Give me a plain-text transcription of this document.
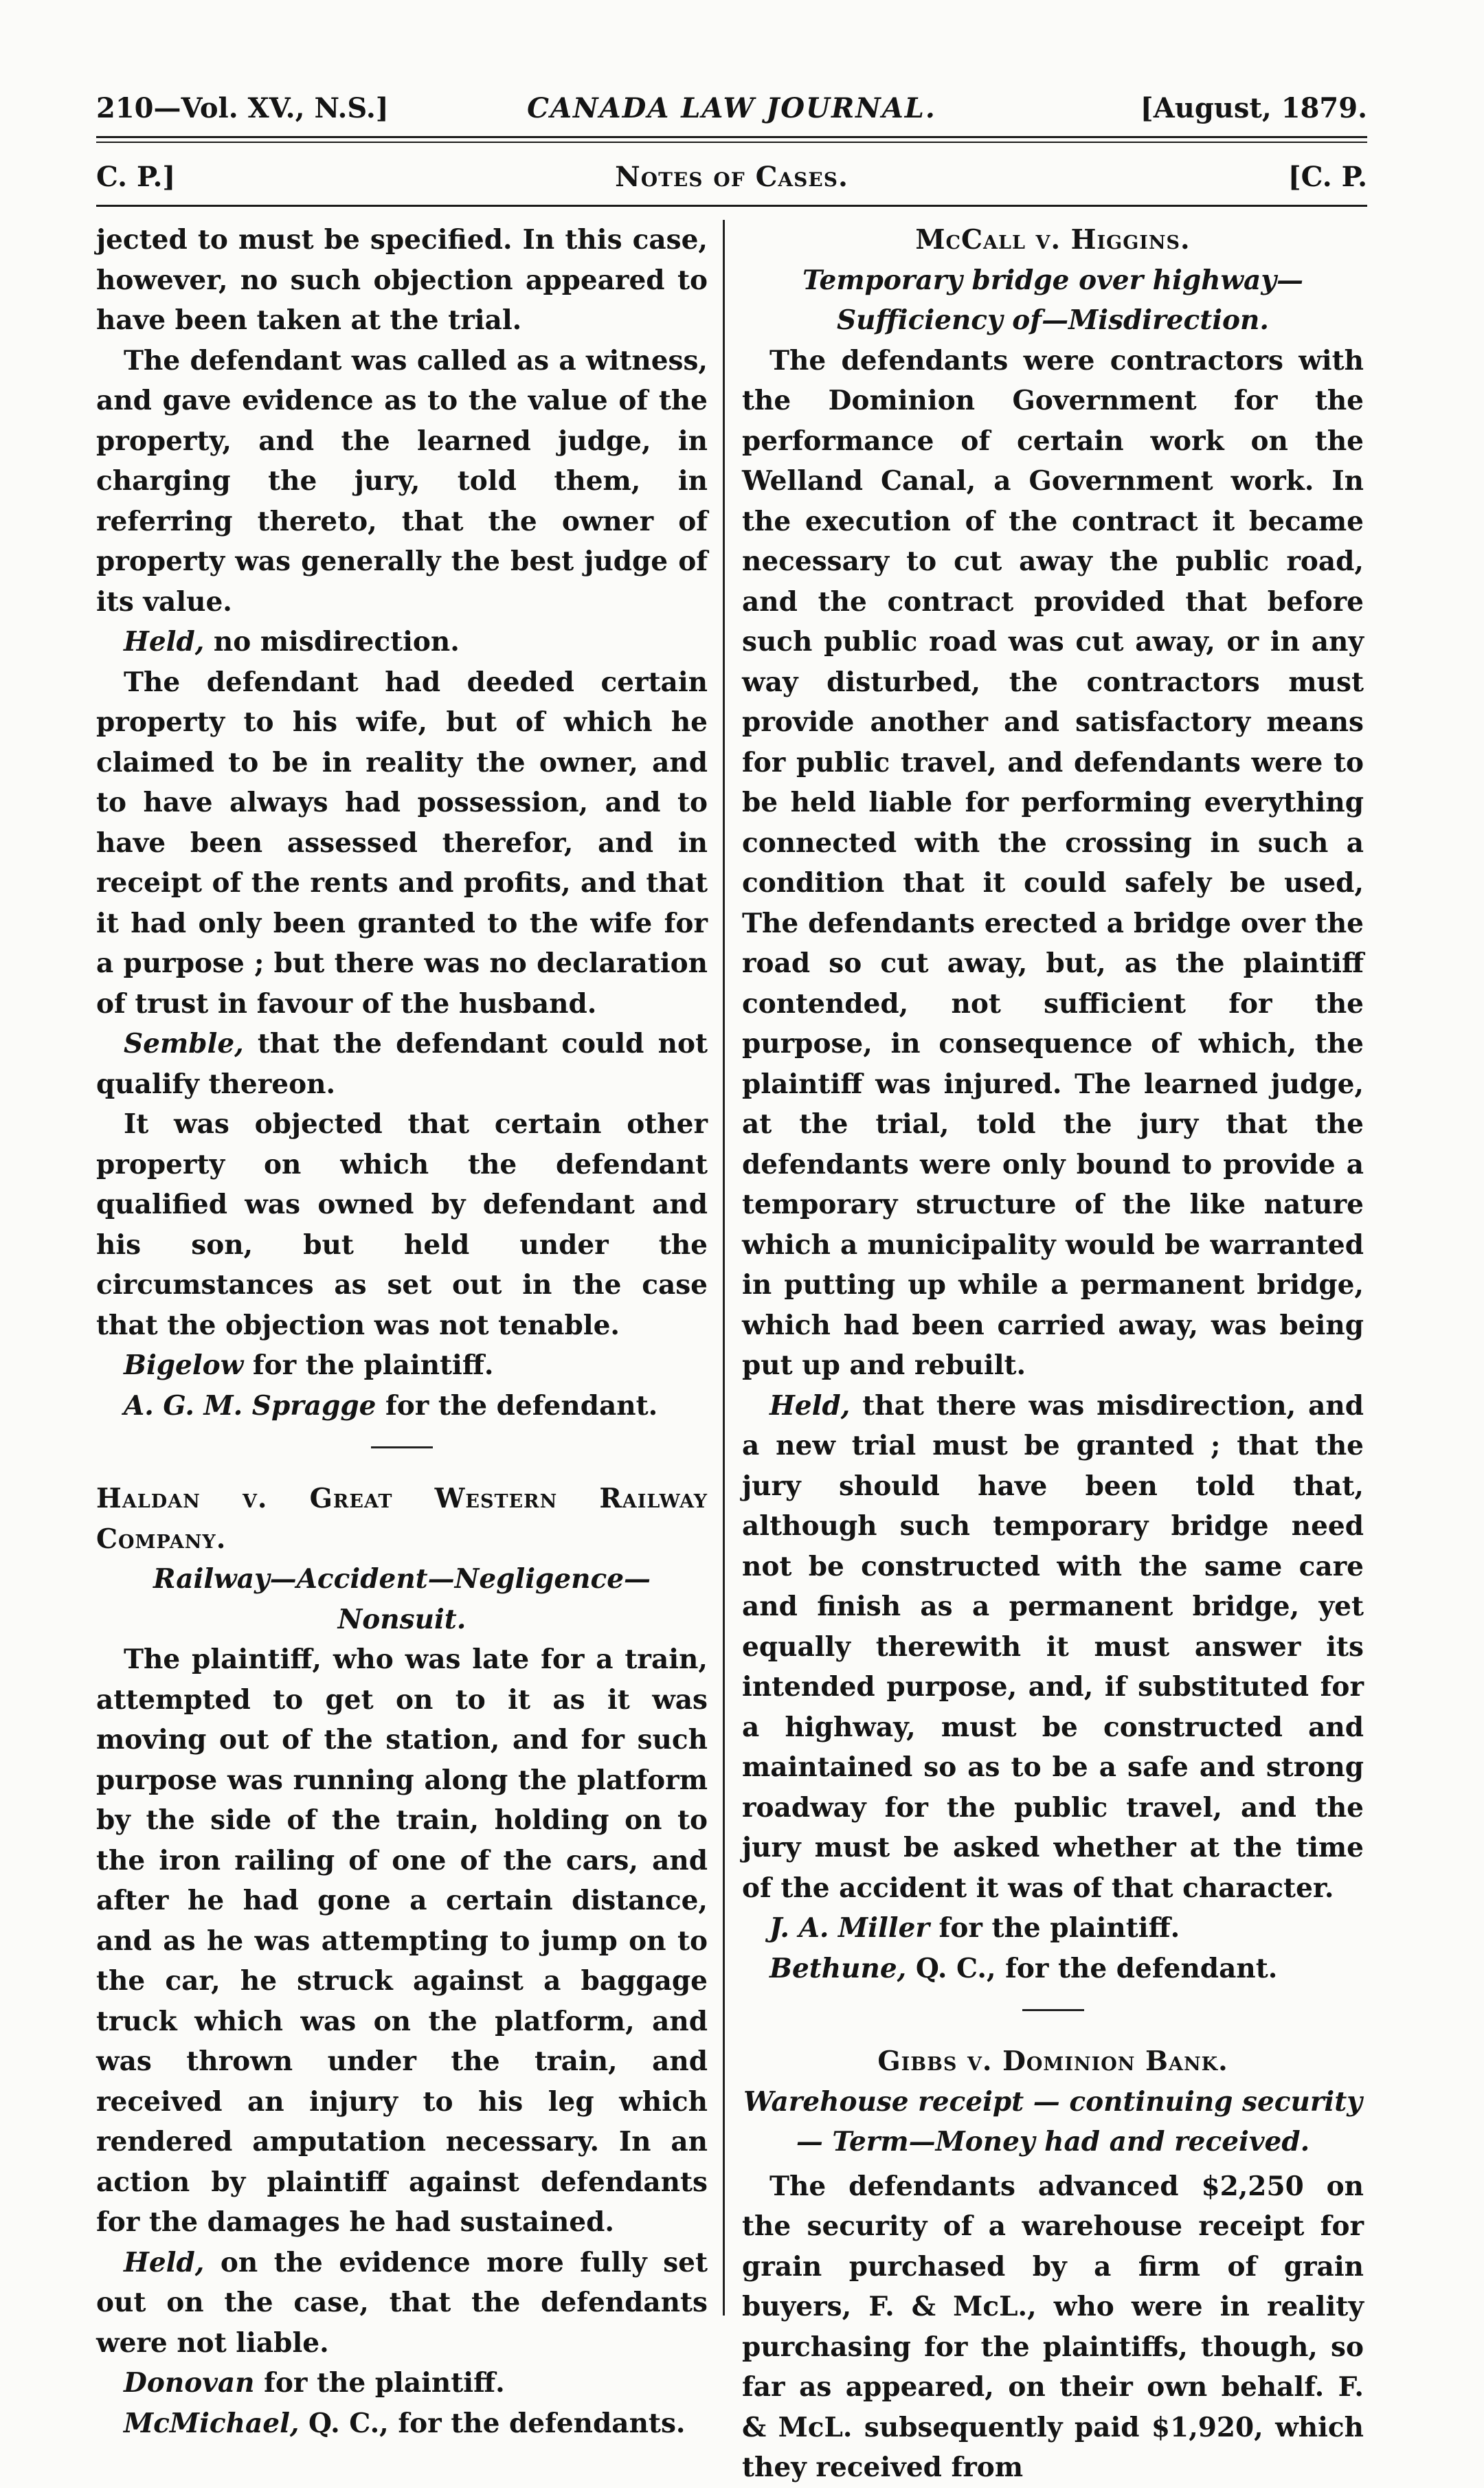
210—Vol. XV., N.S.]	CANADA LAW JOURNAL.	[August, 1879.
C. P.]	Notes of Cases.	[C. P.

jected to must be specified. In this case, however, no such objection appeared to have been taken at the trial.

The defendant was called as a witness, and gave evidence as to the value of the property, and the learned judge, in charging the jury, told them, in referring thereto, that the owner of property was generally the best judge of its value.

Held, no misdirection.

The defendant had deeded certain property to his wife, but of which he claimed to be in reality the owner, and to have always had possession, and to have been assessed therefor, and in receipt of the rents and profits, and that it had only been granted to the wife for a purpose ; but there was no declaration of trust in favour of the husband.

Semble, that the defendant could not qualify thereon.

It was objected that certain other property on which the defendant qualified was owned by defendant and his son, but held under the circumstances as set out in the case that the objection was not tenable.

Bigelow for the plaintiff.

A. G. M. Spragge for the defendant.

Haldan v. Great Western Railway Company.

Railway—Accident—Negligence—Nonsuit.

The plaintiff, who was late for a train, attempted to get on to it as it was moving out of the station, and for such purpose was running along the platform by the side of the train, holding on to the iron railing of one of the cars, and after he had gone a certain distance, and as he was attempting to jump on to the car, he struck against a baggage truck which was on the platform, and was thrown under the train, and received an injury to his leg which rendered amputation necessary. In an action by plaintiff against defendants for the damages he had sustained.

Held, on the evidence more fully set out on the case, that the defendants were not liable.

Donovan for the plaintiff.

McMichael, Q. C., for the defendants.

McCall v. Higgins.

Temporary bridge over highway—Sufficiency of—Misdirection.

The defendants were contractors with the Dominion Government for the performance of certain work on the Welland Canal, a Government work. In the execution of the contract it became necessary to cut away the public road, and the contract provided that before such public road was cut away, or in any way disturbed, the contractors must provide another and satisfactory means for public travel, and defendants were to be held liable for performing everything connected with the crossing in such a condition that it could safely be used, The defendants erected a bridge over the road so cut away, but, as the plaintiff contended, not sufficient for the purpose, in consequence of which, the plaintiff was injured. The learned judge, at the trial, told the jury that the defendants were only bound to provide a temporary structure of the like nature which a municipality would be warranted in putting up while a permanent bridge, which had been carried away, was being put up and rebuilt.

Held, that there was misdirection, and a new trial must be granted ; that the jury should have been told that, although such temporary bridge need not be constructed with the same care and finish as a permanent bridge, yet equally therewith it must answer its intended purpose, and, if substituted for a highway, must be constructed and maintained so as to be a safe and strong roadway for the public travel, and the jury must be asked whether at the time of the accident it was of that character.

J. A. Miller for the plaintiff.

Bethune, Q. C., for the defendant.

Gibbs v. Dominion Bank.

Warehouse receipt — continuing security — Term—Money had and received.

The defendants advanced $2,250 on the security of a warehouse receipt for grain purchased by a firm of grain buyers, F. & McL., who were in reality purchasing for the plaintiffs, though, so far as appeared, on their own behalf. F. & McL. subsequently paid $1,920, which they received from
